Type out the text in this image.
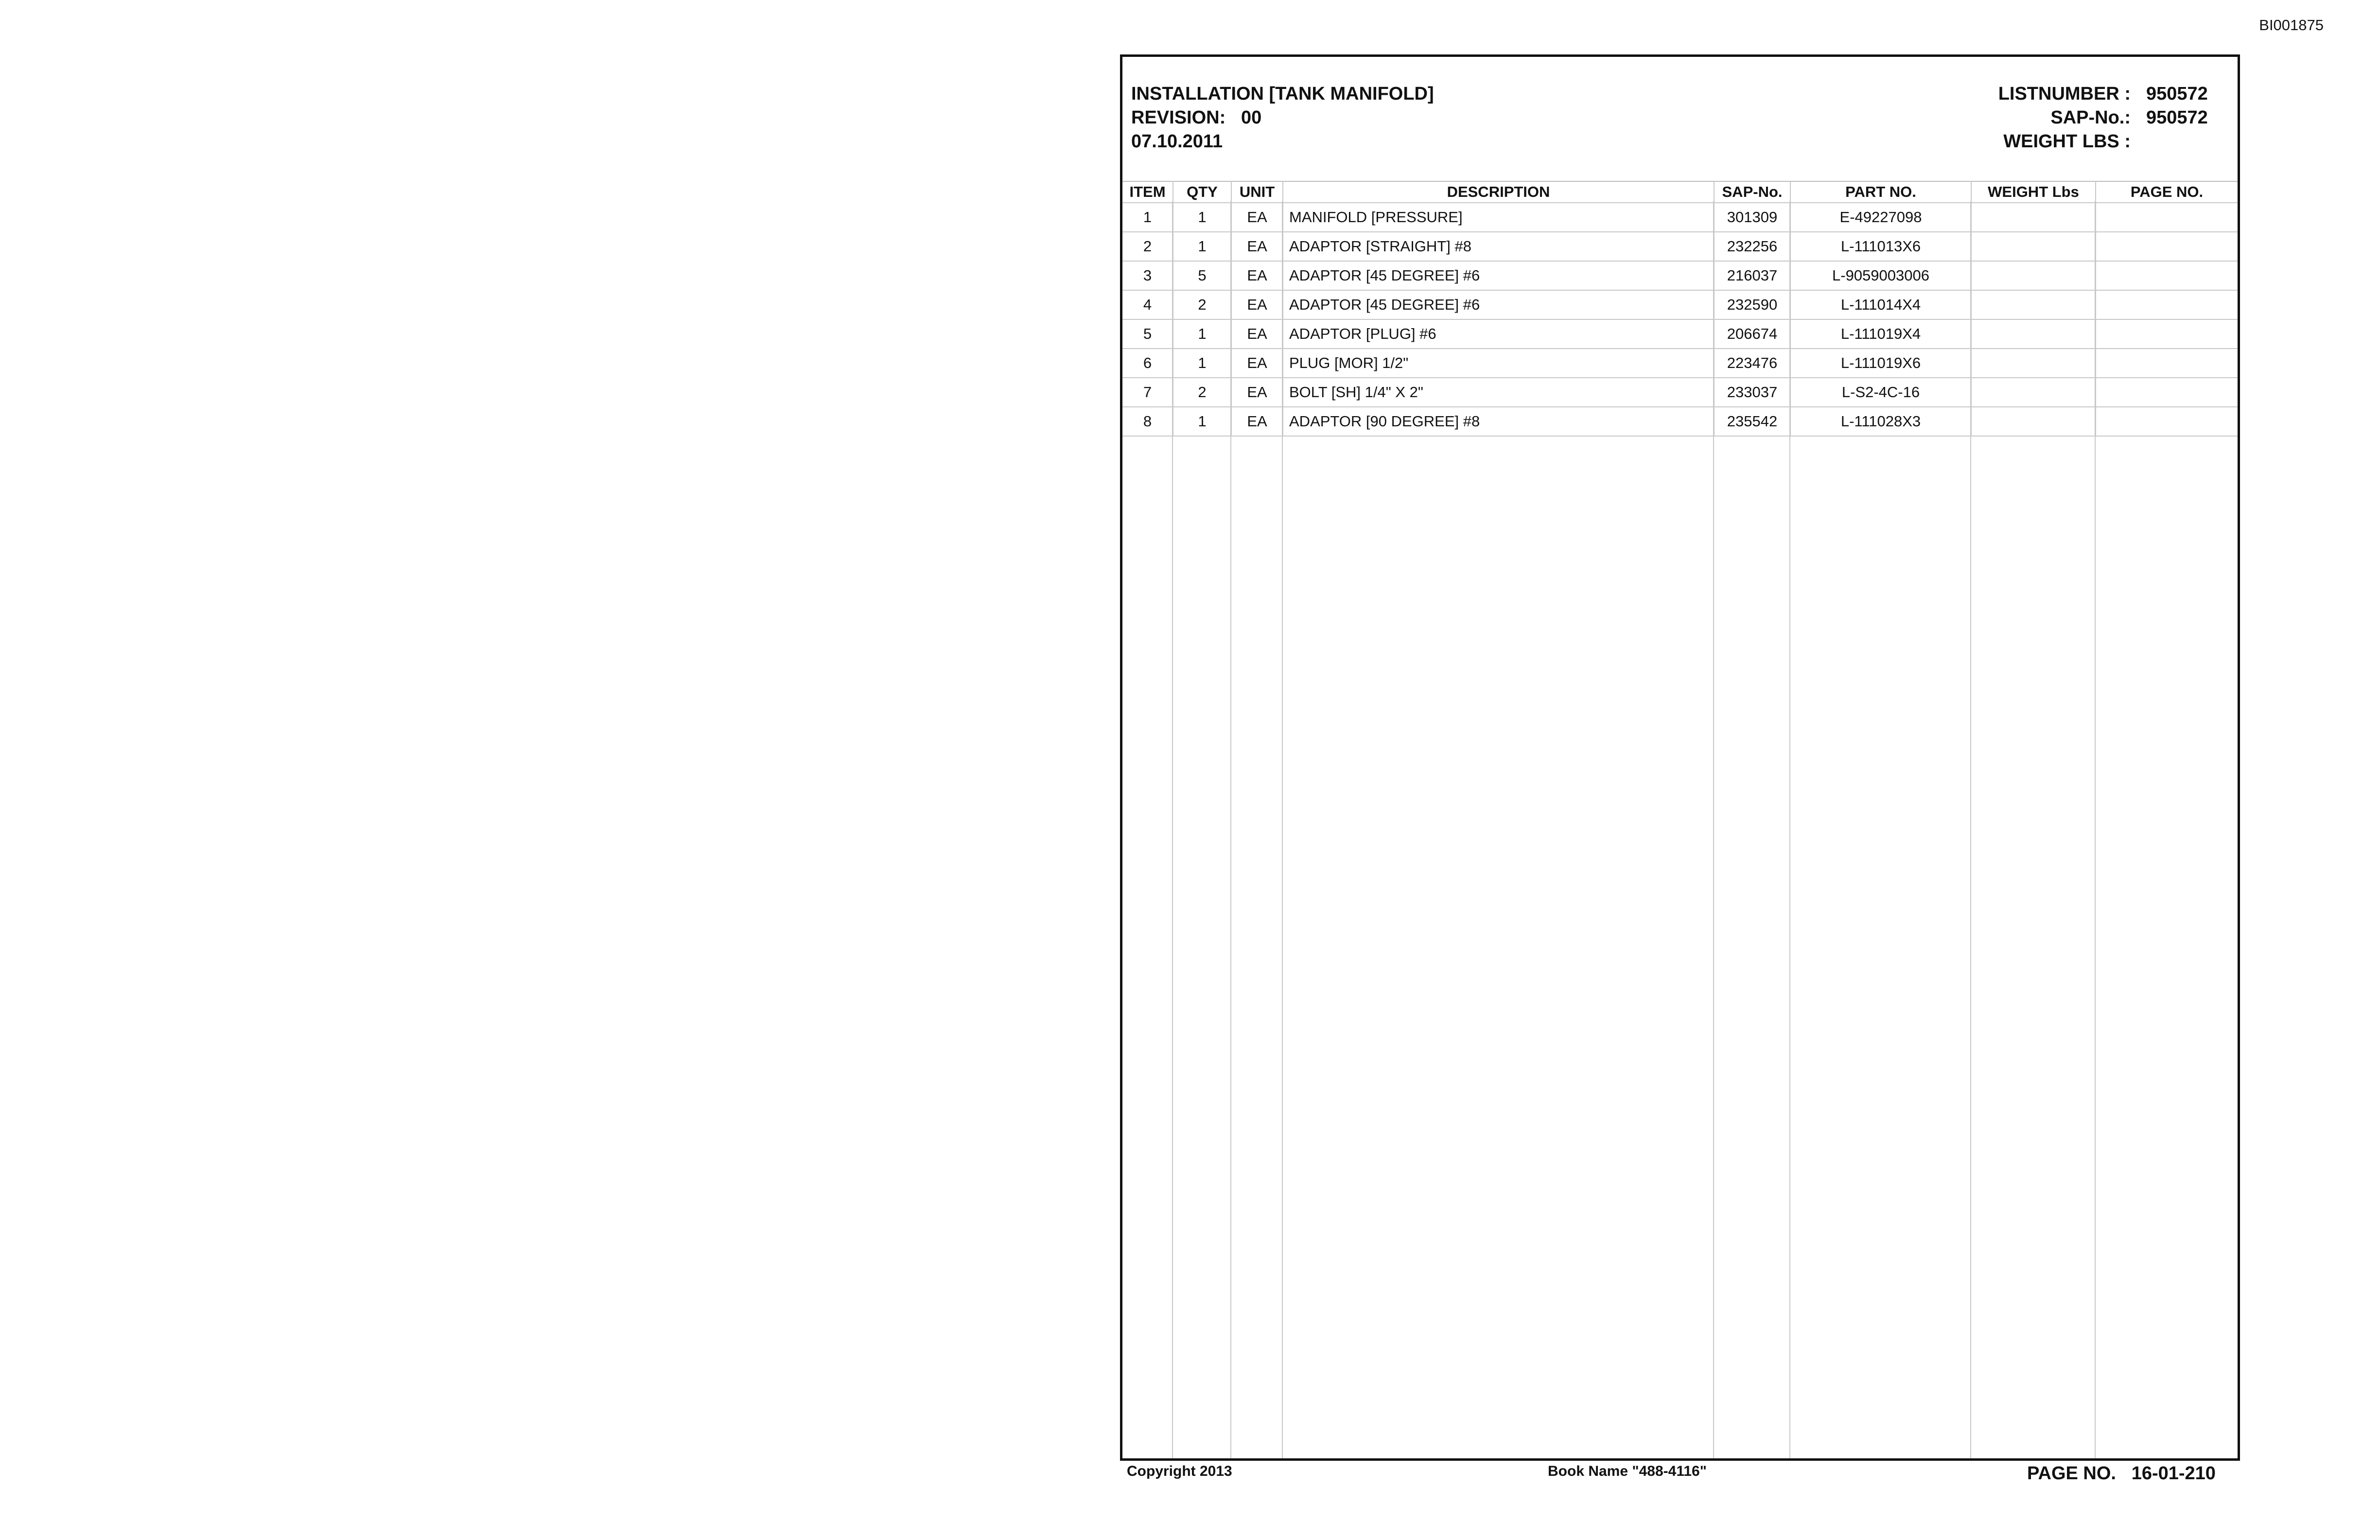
BI001875
INSTALLATION [TANK MANIFOLD]
REVISION: 00
07.10.2011
LISTNUMBER : 950572
SAP-No.: 950572
WEIGHT LBS :
ITEM	QTY	UNIT	DESCRIPTION	SAP-No.	PART NO.	WEIGHT Lbs	PAGE NO.
1	1	EA	MANIFOLD [PRESSURE]	301309	E-49227098		
2	1	EA	ADAPTOR [STRAIGHT] #8	232256	L-111013X6		
3	5	EA	ADAPTOR [45 DEGREE] #6	216037	L-9059003006		
4	2	EA	ADAPTOR [45 DEGREE] #6	232590	L-111014X4		
5	1	EA	ADAPTOR [PLUG] #6	206674	L-111019X4		
6	1	EA	PLUG [MOR] 1/2"	223476	L-111019X6		
7	2	EA	BOLT [SH] 1/4" X 2"	233037	L-S2-4C-16		
8	1	EA	ADAPTOR [90 DEGREE] #8	235542	L-111028X3		
Copyright 2013	Book Name "488-4116"	PAGE NO. 16-01-210
